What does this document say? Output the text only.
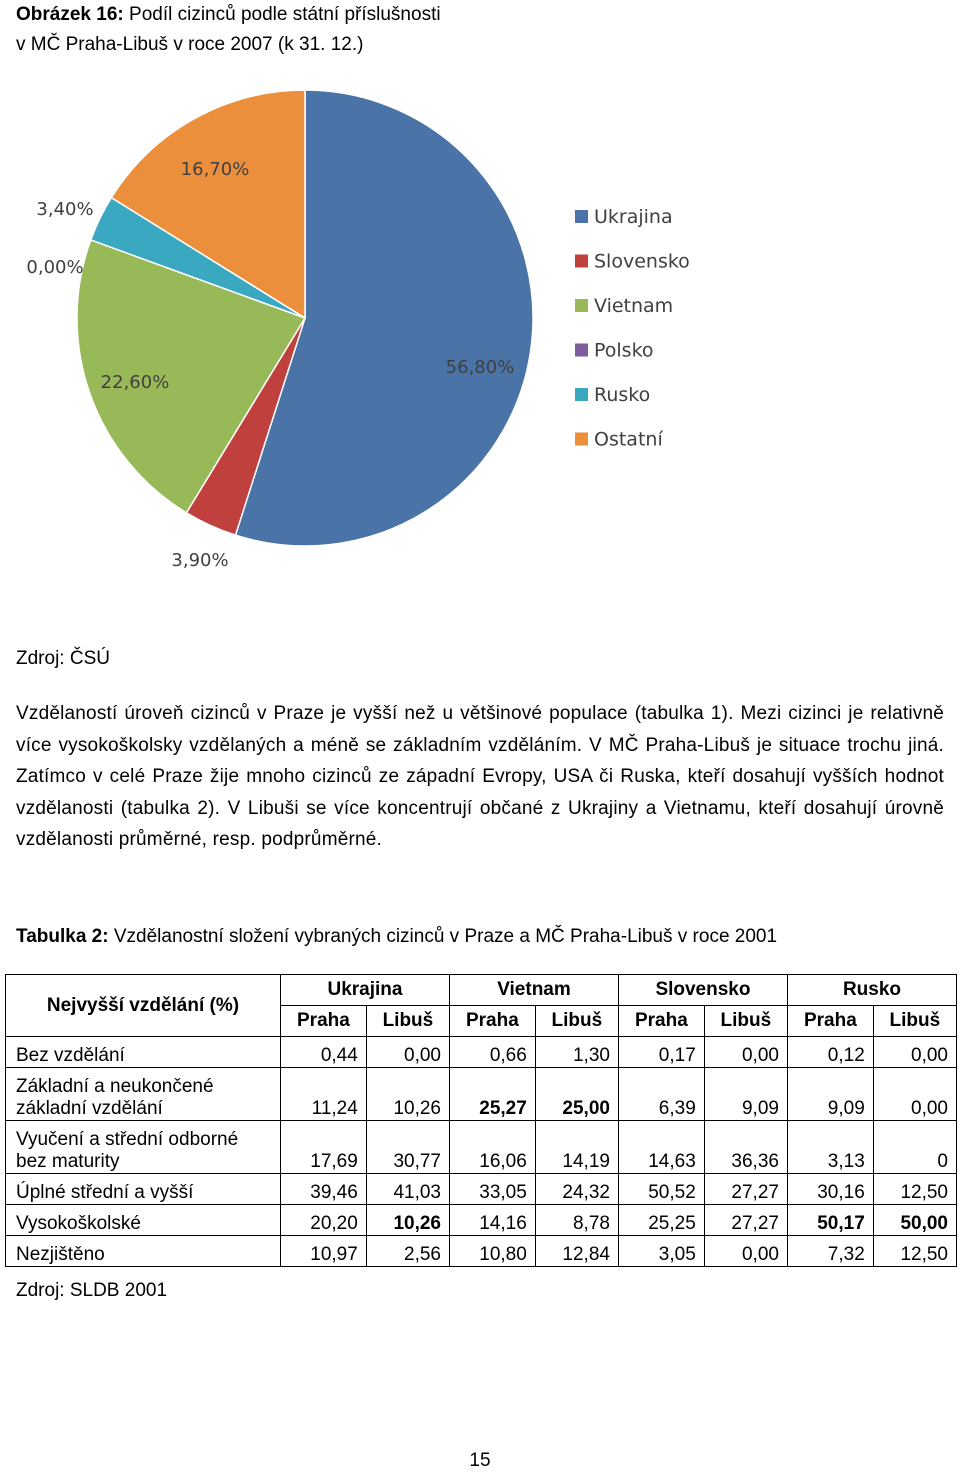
Obrázek 16: Podíl cizinců podle státní příslušnosti
v MČ Praha-Libuš v roce 2007 (k 31. 12.)
56,80%
3,90%
22,60%
0,00%
3,40%
16,70%
Ukrajina
Slovensko
Vietnam
Polsko
Rusko
Ostatní
Zdroj: ČSÚ
Vzdělaností úroveň cizinců v Praze je vyšší než u většinové populace (tabulka 1). Mezi cizinci je relativně více vysokoškolsky vzdělaných a méně se základním vzděláním. V MČ Praha-Libuš je situace trochu jiná. Zatímco v celé Praze žije mnoho cizinců ze západní Evropy, USA či Ruska, kteří dosahují vyšších hodnot vzdělanosti (tabulka 2). V Libuši se více koncentrují občané z Ukrajiny a Vietnamu, kteří dosahují úrovně vzdělanosti průměrné, resp. podprůměrné.
Tabulka 2: Vzdělanostní složení vybraných cizinců v Praze a MČ Praha-Libuš v roce 2001
Nejvyšší vzdělání (%)	Ukrajina		Vietnam		Slovensko		Rusko	
	Praha	Libuš	Praha	Libuš	Praha	Libuš	Praha	Libuš
Bez vzdělání	0,44	0,00	0,66	1,30	0,17	0,00	0,12	0,00
Základní a neukončené základní vzdělání	11,24	10,26	25,27	25,00	6,39	9,09	9,09	0,00
Vyučení a střední odborné bez maturity	17,69	30,77	16,06	14,19	14,63	36,36	3,13	0
Úplné střední a vyšší	39,46	41,03	33,05	24,32	50,52	27,27	30,16	12,50
Vysokoškolské	20,20	10,26	14,16	8,78	25,25	27,27	50,17	50,00
Nezjištěno	10,97	2,56	10,80	12,84	3,05	0,00	7,32	12,50
Zdroj: SLDB 2001
15
